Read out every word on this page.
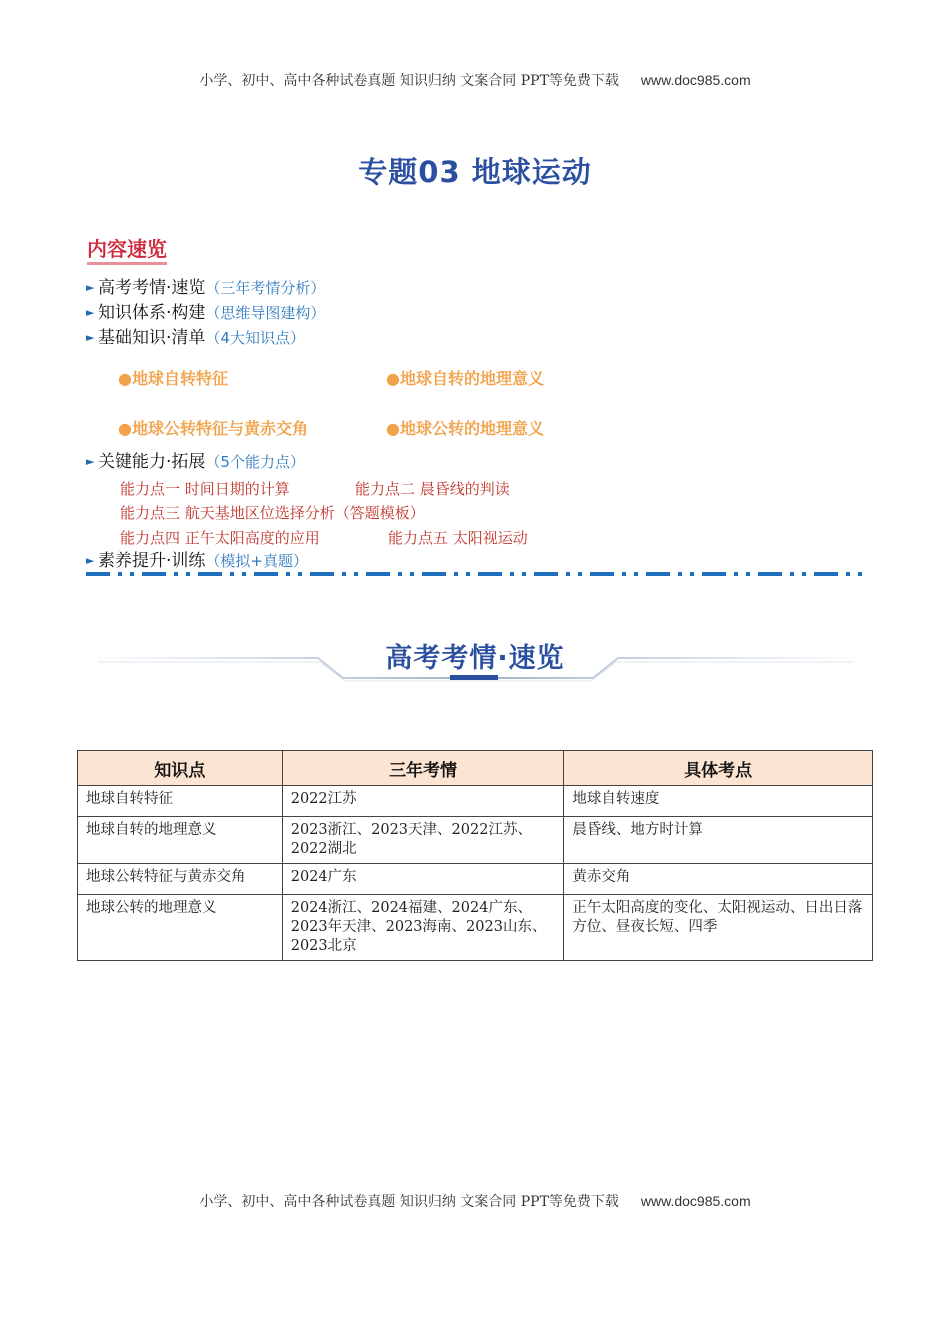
小学、初中、高中各种试卷真题 知识归纳 文案合同 PPT等免费下载 www.doc985.com
专题03 地球运动
内容速览
► 高考考情·速览（三年考情分析）
► 知识体系·构建（思维导图建构）
► 基础知识·清单（4大知识点）
●地球自转特征	●地球自转的地理意义
●地球公转特征与黄赤交角	●地球公转的地理意义
► 关键能力·拓展（5个能力点）
能力点一 时间日期的计算	能力点二 晨昏线的判读
能力点三 航天基地区位选择分析（答题模板）
能力点四 正午太阳高度的应用	能力点五 太阳视运动
► 素养提升·训练（模拟+真题）
高考考情·速览
知识点	三年考情	具体考点
地球自转特征	2022江苏	地球自转速度
地球自转的地理意义	2023浙江、2023天津、2022江苏、2022湖北	晨昏线、地方时计算
地球公转特征与黄赤交角	2024广东	黄赤交角
地球公转的地理意义	2024浙江、2024福建、2024广东、2023年天津、2023海南、2023山东、2023北京	正午太阳高度的变化、太阳视运动、日出日落方位、昼夜长短、四季
小学、初中、高中各种试卷真题 知识归纳 文案合同 PPT等免费下载 www.doc985.com
